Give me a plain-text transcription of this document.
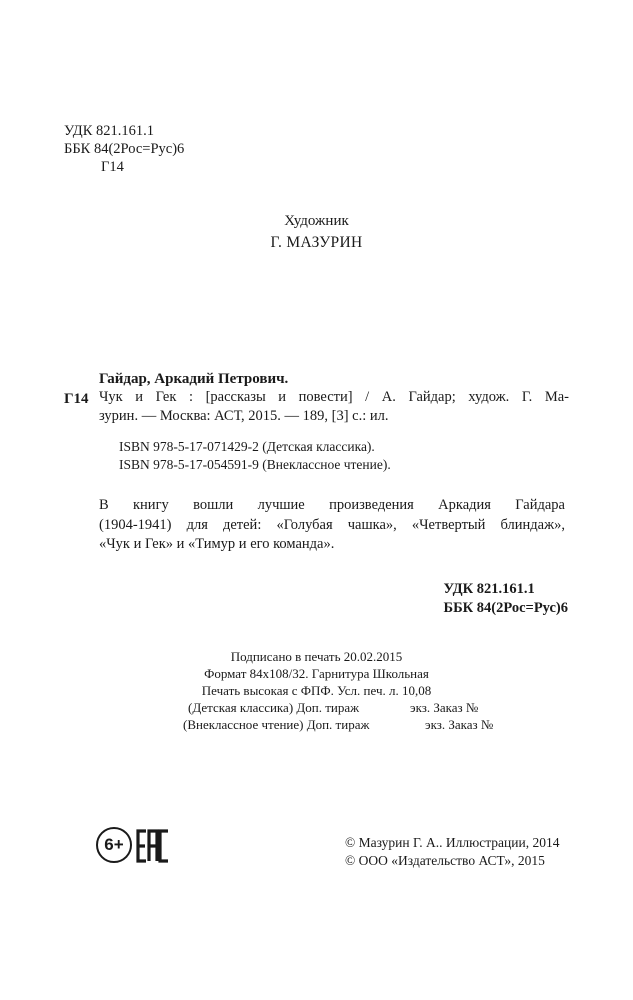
УДК 821.161.1
ББК 84(2Рос=Рус)6
Г14
Художник
Г. МАЗУРИН
Гайдар, Аркадий Петрович.
Г14 Чук и Гек : [рассказы и повести] / А. Гайдар; худож. Г. Ма-
зурин. — Москва: АСТ, 2015. — 189, [3] с.: ил.
ISBN 978-5-17-071429-2 (Детская классика).
ISBN 978-5-17-054591-9 (Внеклассное чтение).
В книгу вошли лучшие произведения Аркадия Гайдара
(1904-1941) для детей: «Голубая чашка», «Четвертый блиндаж»,
«Чук и Гек» и «Тимур и его команда».
УДК 821.161.1
ББК 84(2Рос=Рус)6
Подписано в печать 20.02.2015
Формат 84x108/32. Гарнитура Школьная
Печать высокая с ФПФ. Усл. печ. л. 10,08
(Детская классика) Доп. тираж	экз. Заказ №
(Внеклассное чтение) Доп. тираж	экз. Заказ №
6+	© Мазурин Г. А.. Иллюстрации, 2014
© ООО «Издательство АСТ», 2015
